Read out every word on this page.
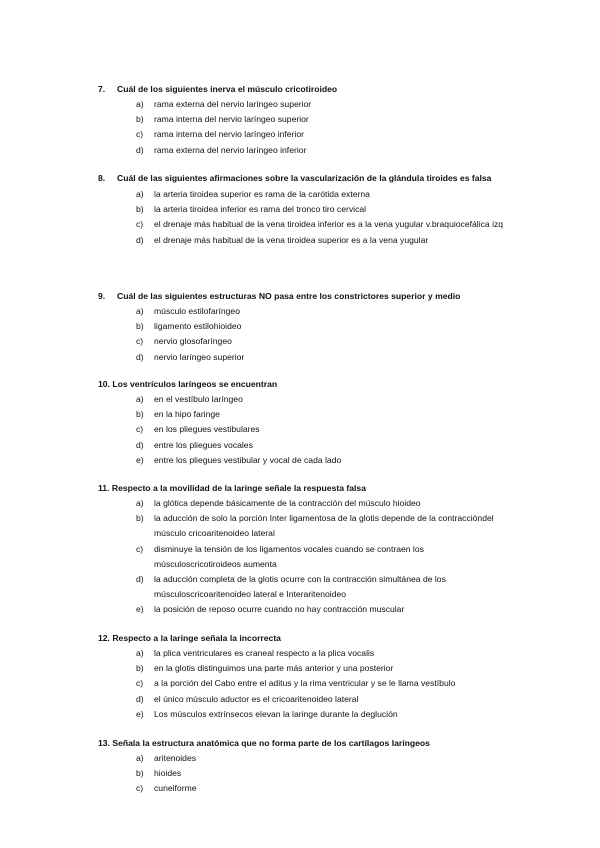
7. Cuál de los siguientes inerva el músculo cricotiroideo
a) rama externa del nervio laríngeo superior
b) rama interna del nervio laríngeo superior
c) rama interna del nervio laríngeo inferior
d) rama externa del nervio laríngeo inferior
8. Cuál de las siguientes afirmaciones sobre la vascularización de la glándula tiroides es falsa
a) la arteria tiroidea superior es rama de la carótida externa
b) la arteria tiroidea inferior es rama del tronco tiro cervical
c) el drenaje más habitual de la vena tiroidea inferior es a la vena yugular v.braquiocefálica izq
d) el drenaje más habitual de la vena tiroidea superior es a la vena yugular
9. Cuál de las siguientes estructuras NO pasa entre los constrictores superior y medio
a) músculo estilofaríngeo
b) ligamento estilohioideo
c) nervio glosofaríngeo
d) nervio laríngeo superior
10. Los ventrículos laríngeos se encuentran
a) en el vestíbulo laríngeo
b) en la hipo faringe
c) en los pliegues vestibulares
d) entre los pliegues vocales
e) entre los pliegues vestibular y vocal de cada lado
11. Respecto a la movilidad de la laringe señale la respuesta falsa
a) la glótica depende básicamente de la contracción del músculo hioideo
b) la aducción de solo la porción Inter ligamentosa de la glotis depende de la contraccióndel músculo cricoaritenoideo lateral
c) disminuye la tensión de los ligamentos vocales cuando se contraen los músculoscricotiroideos aumenta
d) la aducción completa de la glotis ocurre con la contracción simultánea de los músculoscricoaritenoideo lateral e Interaritenoideo
e) la posición de reposo ocurre cuando no hay contracción muscular
12. Respecto a la laringe señala la incorrecta
a) la plica ventriculares es craneal respecto a la plica vocalis
b) en la glotis distinguimos una parte más anterior y una posterior
c) a la porción del Cabo entre el aditus y la rima ventricular y se le llama vestíbulo
d) el único músculo aductor es el cricoaritenoideo lateral
e) Los músculos extrínsecos elevan la laringe durante la deglución
13. Señala la estructura anatómica que no forma parte de los cartílagos laríngeos
a) aritenoides
b) hioides
c) cuneiforme
